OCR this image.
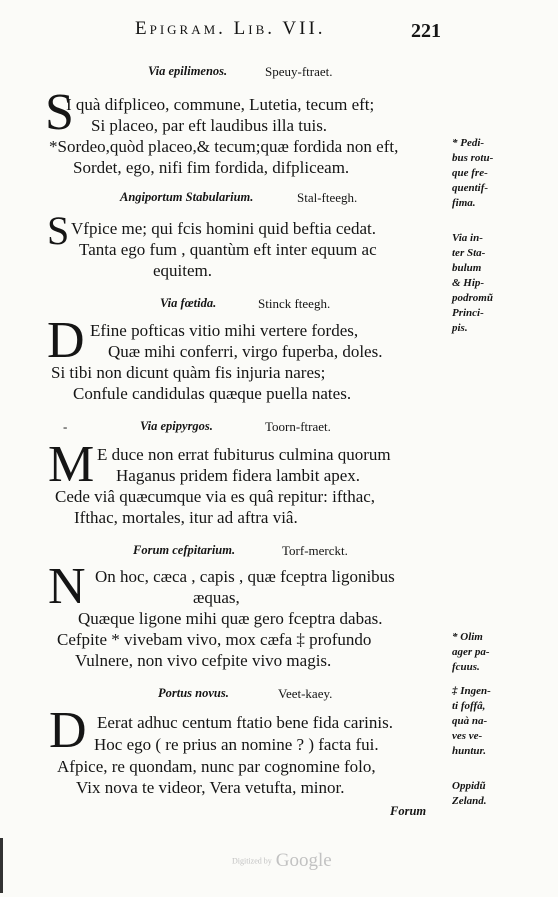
Epigram. Lib. VII.	221
Via epilimenos.	Speuy-ftraet.
S
I quà difpliceo, commune, Lutetia, tecum eft;
Si placeo, par eft laudibus illa tuis.
*Sordeo,quòd placeo,& tecum;quæ fordida non eft,
Sordet, ego, nifi fim fordida, difpliceam.
Angiportum Stabularium.	Stal-fteegh.
S Vfpice me; qui fcis homini quid beftia cedat.
Tanta ego fum , quantùm eft inter equum ac
equitem.
Via fœtida.	Stinck fteegh.
D Efine pofticas vitio mihi vertere fordes,
Quæ mihi conferri, virgo fuperba, doles.
Si tibi non dicunt quàm fis injuria nares;
Confule candidulas quæque puella nates.
-	Via epipyrgos.	Toorn-ftraet.
M E duce non errat fubiturus culmina quorum
Haganus pridem fidera lambit apex.
Cede viâ quæcumque via es quâ repitur: ifthac,
Ifthac, mortales, itur ad aftra viâ.
Forum cefpitarium.	Torf-merckt.
N On hoc, cæca , capis , quæ fceptra ligonibus
æquas,
Quæque ligone mihi quæ gero fceptra dabas.
Cefpite * vivebam vivo, mox cæfa ‡ profundo
Vulnere, non vivo cefpite vivo magis.
Portus novus.	Veet-kaey.
D Eerat adhuc centum ftatio bene fida carinis.
Hoc ego ( re prius an nomine ? ) facta fui.
Afpice, re quondam, nunc par cognomine folo,
Vix nova te videor, Vera vetufta, minor.
Forum
* Pedi-
bus rotu-
que fre-
quentif-
fima.
Via in-
ter Sta-
bulum
& Hip-
podromũ
Princi-
pis.
* Olim
ager pa-
fcuus.
‡ Ingen-
ti foffâ,
quà na-
ves ve-
huntur.
Oppidũ
Zeland.
Digitized by Google
